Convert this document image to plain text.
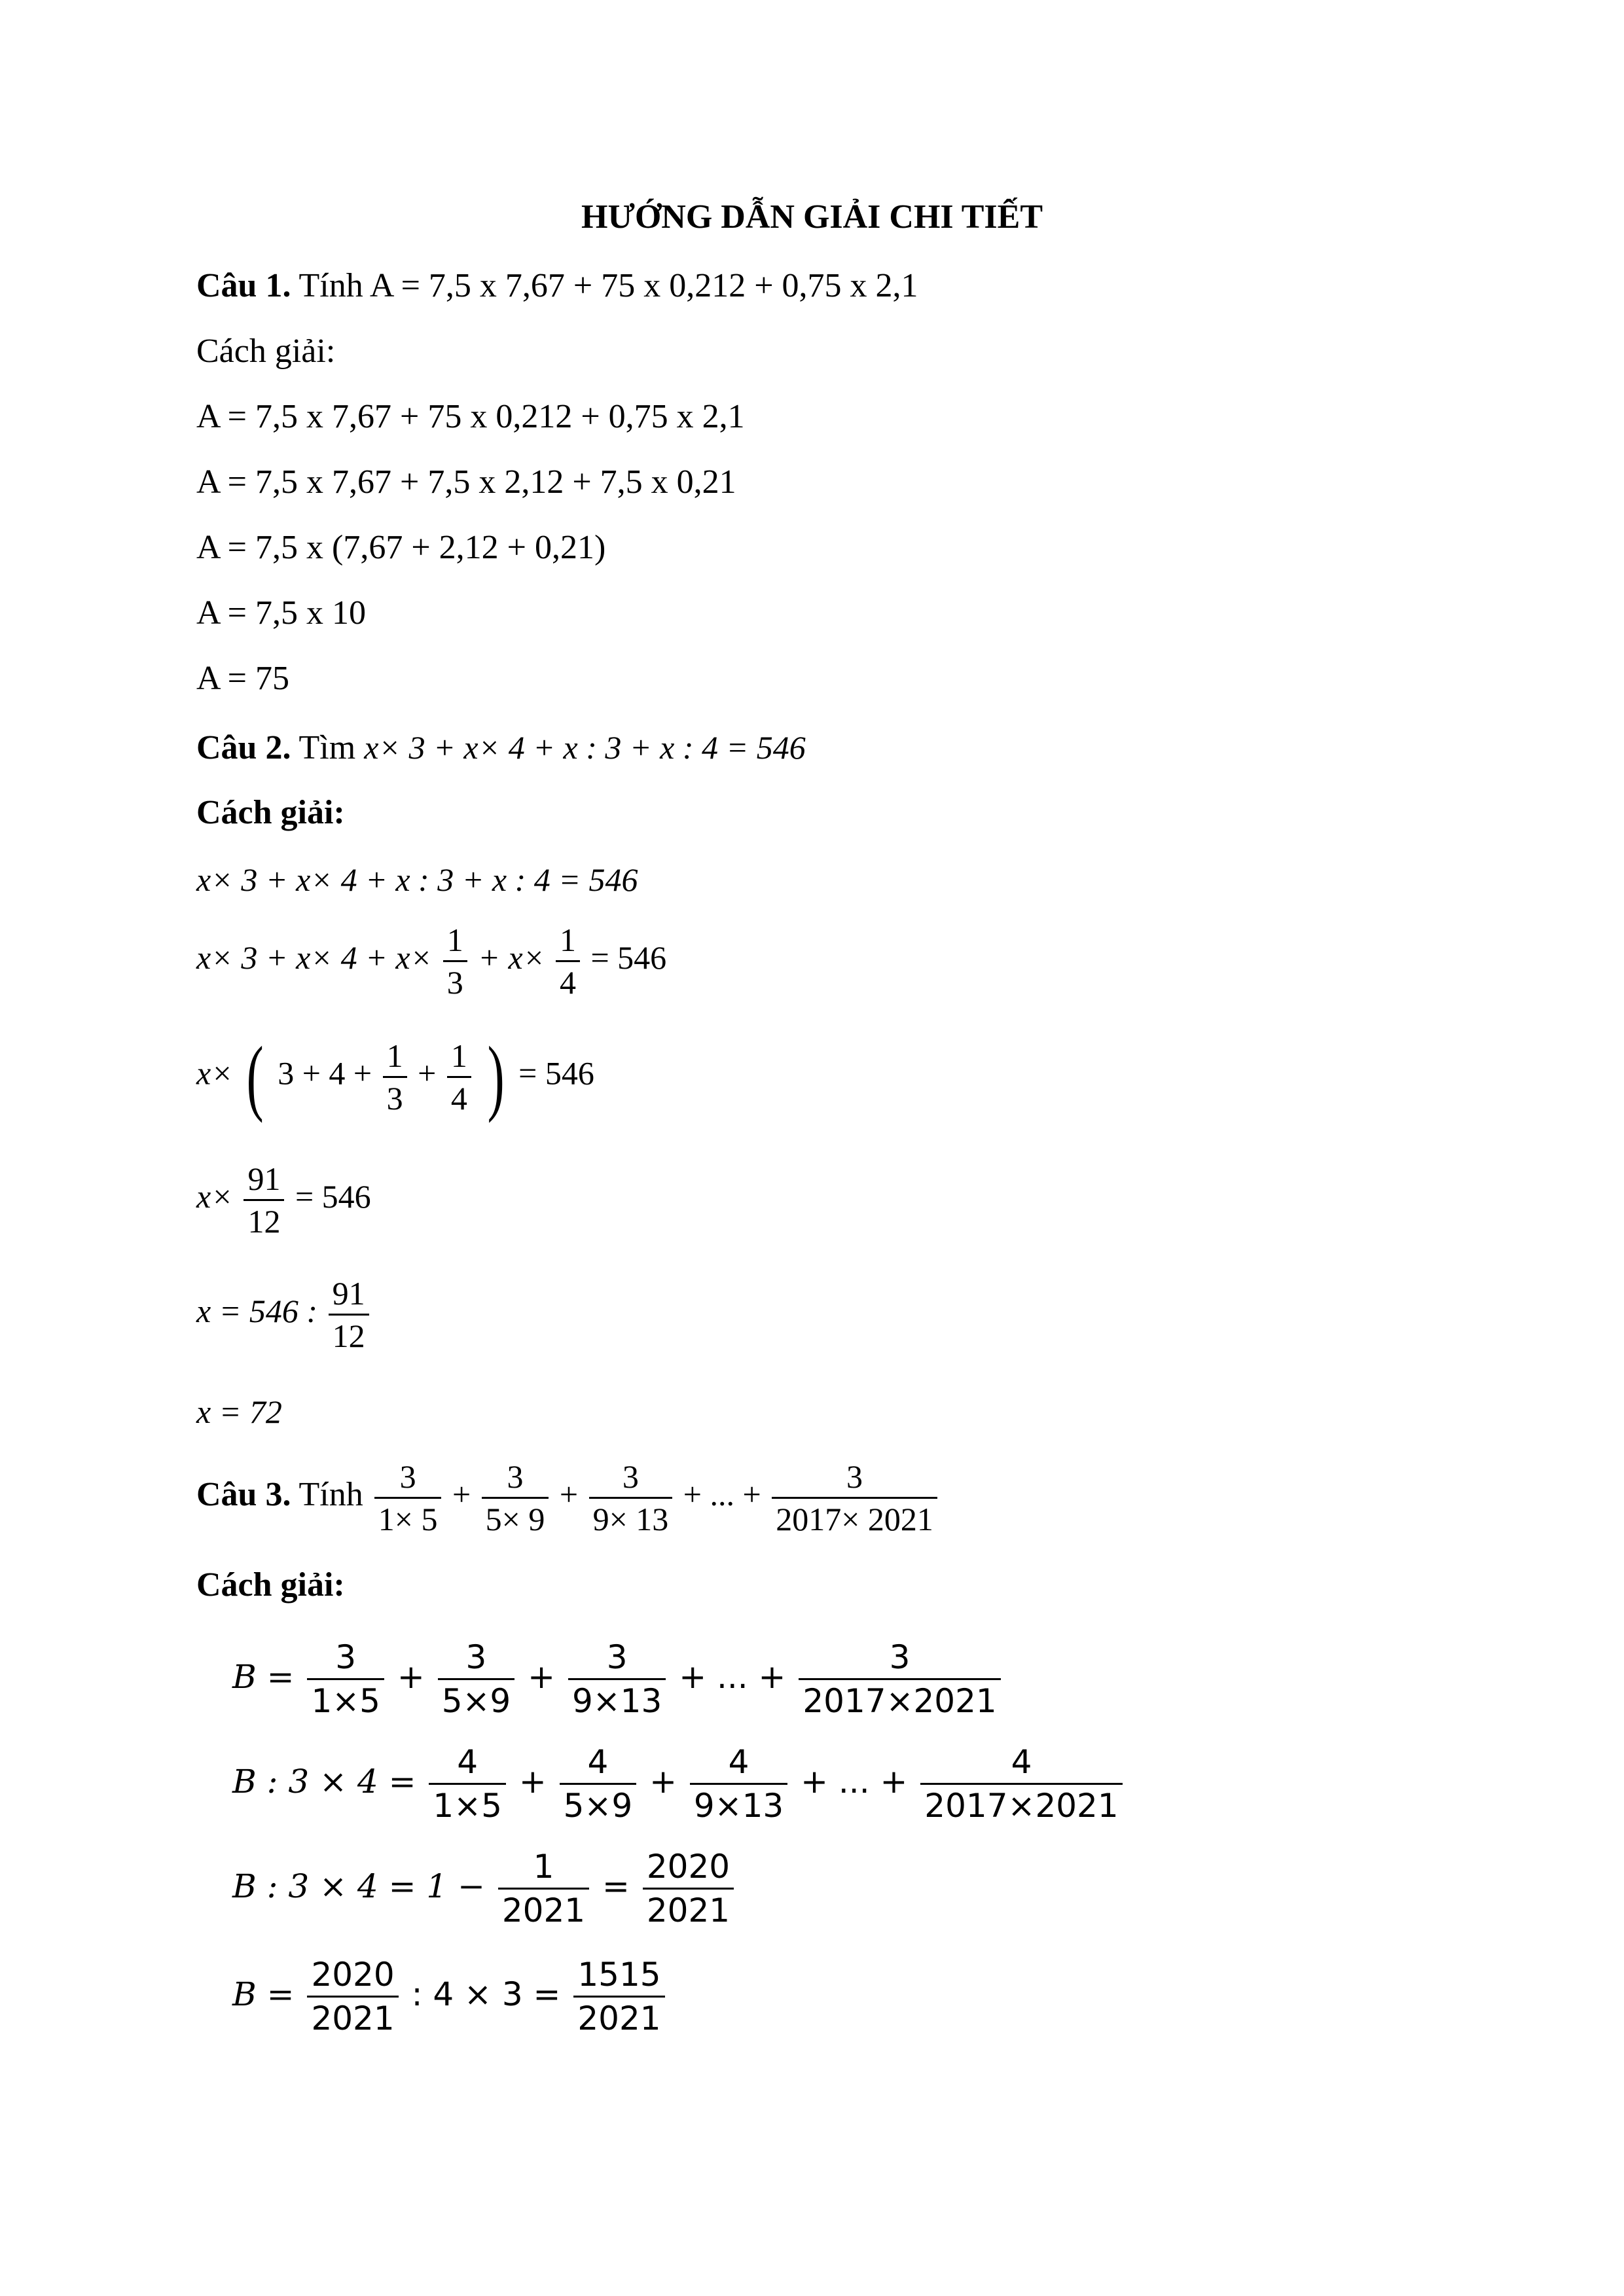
HƯỚNG DẪN GIẢI CHI TIẾT
Câu 1. Tính A = 7,5 x 7,67 + 75 x 0,212 + 0,75 x 2,1
Cách giải:
A = 7,5 x 7,67 + 75 x 0,212 + 0,75 x 2,1
A = 7,5 x 7,67 + 7,5 x 2,12 + 7,5 x 0,21
A = 7,5 x (7,67 + 2,12 + 0,21)
A = 7,5 x 10
A = 75
Câu 2. Tìm x× 3 + x× 4 + x : 3 + x : 4 = 546
Cách giải:
x× 3 + x× 4 + x : 3 + x : 4 = 546
$x\times 3 + x\times 4 + x\times \frac{1}{3} + x\times \frac{1}{4} = 546$
x× ( $3 + 4 + \frac{1}{3} + \frac{1}{4}$ ) = 546
$x\times \frac{91}{12} = 546$
x = 546 : $\frac{91}{12}$
x = 72
Câu 3. Tính $\frac{3}{1\times 5} + \frac{3}{5\times 9} + \frac{3}{9\times 13}$ + ... + $\frac{3}{2017\times 2021}$
Cách giải:
$B = \frac{3}{1\times 5} + \frac{3}{5\times 9} + \frac{3}{9\times 13}$ + ... + $\frac{3}{2017\times 2021}$
B : $3 \times 4 = \frac{4}{1\times 5} + \frac{4}{5\times 9} + \frac{4}{9\times 13}$ + ... + $\frac{4}{2017\times 2021}$
B : $3 \times 4 = 1 - \frac{1}{2021} = \frac{2020}{2021}$
$B = \frac{2020}{2021}$ : $4 \times 3 = \frac{1515}{2021}$
